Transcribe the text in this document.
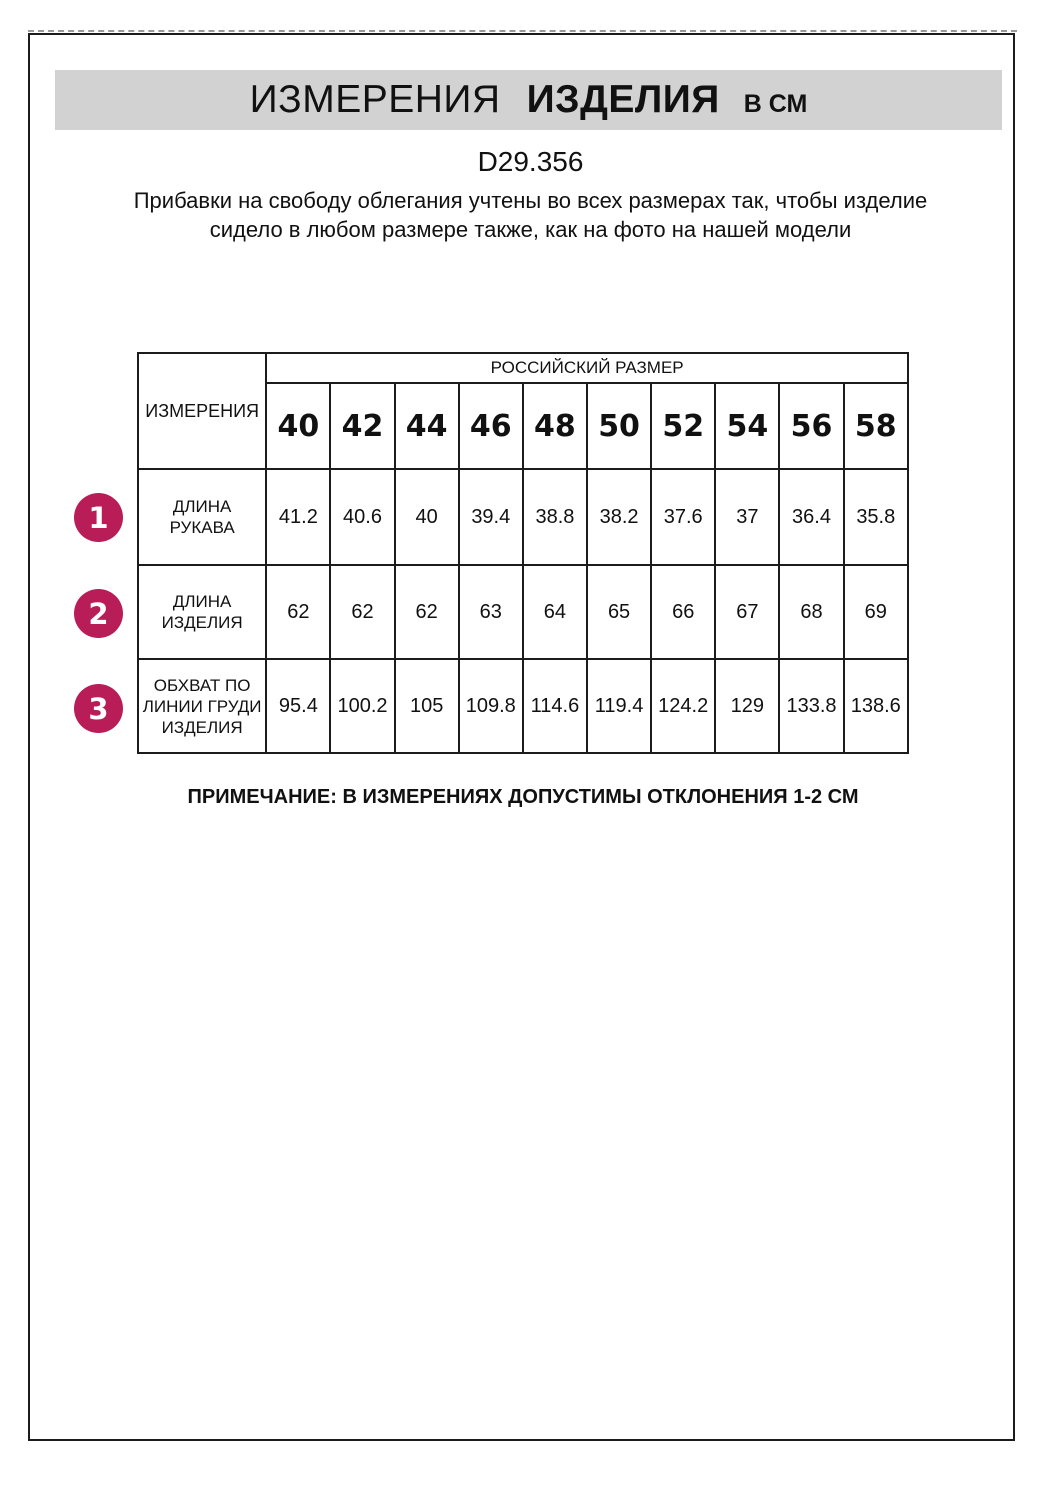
ИЗМЕРЕНИЯ ИЗДЕЛИЯ В СМ
D29.356

Прибавки на свободу облегания учтены во всех размерах так, чтобы изделие сидело в любом размере также, как на фото на нашей модели

ИЗМЕРЕНИЯ	РОССИЙСКИЙ РАЗМЕР									
	40	42	44	46	48	50	52	54	56	58
ДЛИНА РУКАВА	41.2	40.6	40	39.4	38.8	38.2	37.6	37	36.4	35.8
ДЛИНА ИЗДЕЛИЯ	62	62	62	63	64	65	66	67	68	69
ОБХВАТ ПО ЛИНИИ ГРУДИ ИЗДЕЛИЯ	95.4	100.2	105	109.8	114.6	119.4	124.2	129	133.8	138.6
1
2
3
ПРИМЕЧАНИЕ: В ИЗМЕРЕНИЯХ ДОПУСТИМЫ ОТКЛОНЕНИЯ 1-2 СМ
